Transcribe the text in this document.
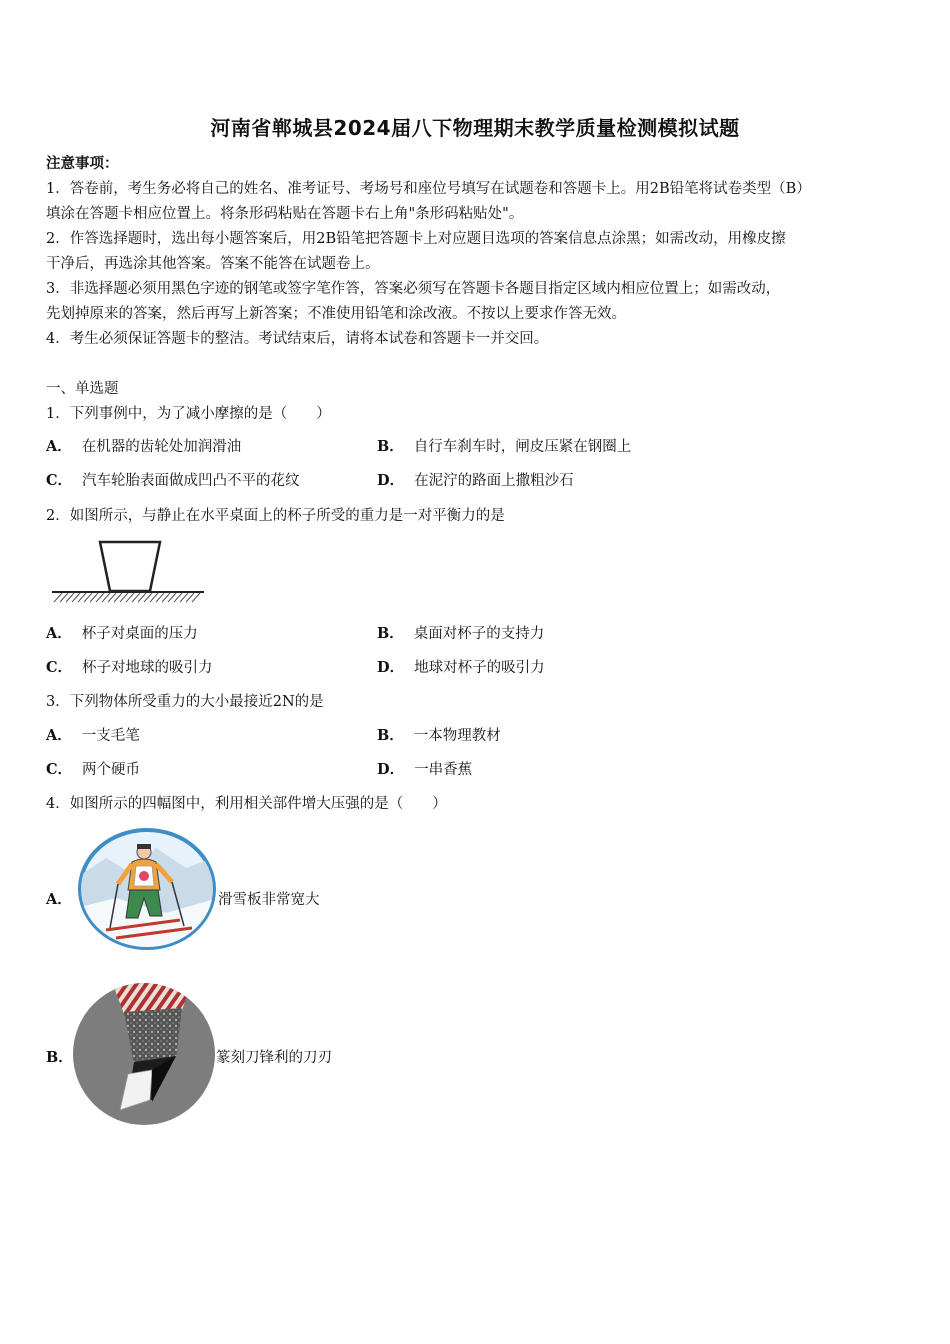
河南省郸城县2024届八下物理期末教学质量检测模拟试题
注意事项：
1．答卷前，考生务必将自己的姓名、准考证号、考场号和座位号填写在试题卷和答题卡上。用2B铅笔将试卷类型（B）
填涂在答题卡相应位置上。将条形码粘贴在答题卡右上角"条形码粘贴处"。
2．作答选择题时，选出每小题答案后，用2B铅笔把答题卡上对应题目选项的答案信息点涂黑；如需改动，用橡皮擦
干净后，再选涂其他答案。答案不能答在试题卷上。
3．非选择题必须用黑色字迹的钢笔或签字笔作答，答案必须写在答题卡各题目指定区域内相应位置上；如需改动，
先划掉原来的答案，然后再写上新答案；不准使用铅笔和涂改液。不按以上要求作答无效。
4．考生必须保证答题卡的整洁。考试结束后，请将本试卷和答题卡一并交回。
一、单选题
1．下列事例中，为了减小摩擦的是（　　）
A． 在机器的齿轮处加润滑油	B． 自行车刹车时，闸皮压紧在钢圈上
C． 汽车轮胎表面做成凹凸不平的花纹	D． 在泥泞的路面上撒粗沙石
2．如图所示，与静止在水平桌面上的杯子所受的重力是一对平衡力的是
A． 杯子对桌面的压力	B． 桌面对杯子的支持力
C． 杯子对地球的吸引力	D． 地球对杯子的吸引力
3．下列物体所受重力的大小最接近2N的是
A． 一支毛笔	B． 一本物理教材
C． 两个硬币	D． 一串香蕉
4．如图所示的四幅图中，利用相关部件增大压强的是（　　）
A．	滑雪板非常宽大
B．	篆刻刀锋利的刀刃
